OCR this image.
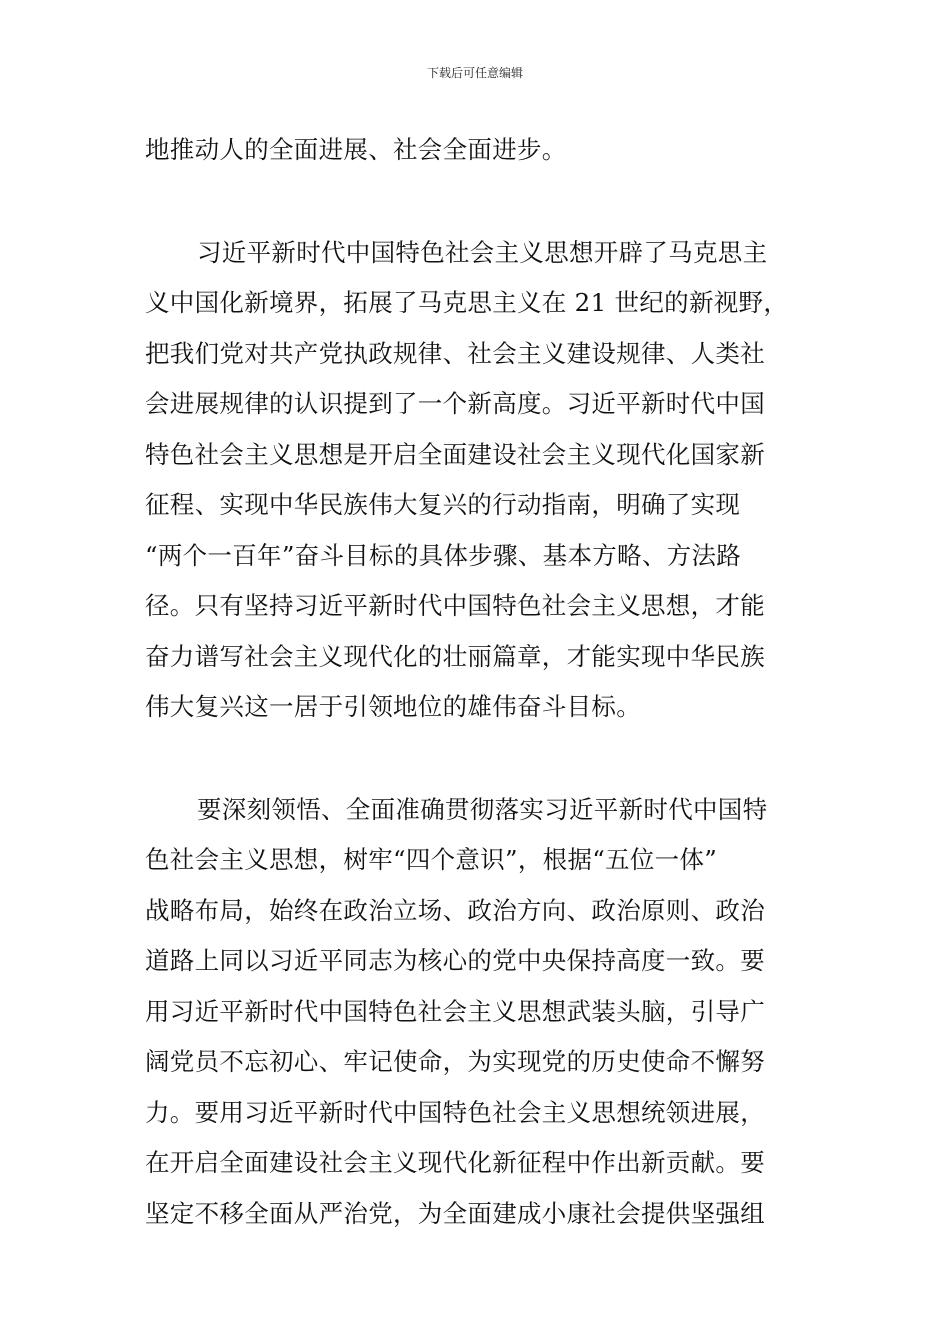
下载后可任意编辑
地推动人的全面进展、社会全面进步。
习近平新时代中国特色社会主义思想开辟了马克思主
义中国化新境界，拓展了马克思主义在 21 世纪的新视野，
把我们党对共产党执政规律、社会主义建设规律、人类社
会进展规律的认识提到了一个新高度。习近平新时代中国
特色社会主义思想是开启全面建设社会主义现代化国家新
征程、实现中华民族伟大复兴的行动指南，明确了实现
“两个一百年”奋斗目标的具体步骤、基本方略、方法路
径。只有坚持习近平新时代中国特色社会主义思想，才能
奋力谱写社会主义现代化的壮丽篇章，才能实现中华民族
伟大复兴这一居于引领地位的雄伟奋斗目标。
要深刻领悟、全面准确贯彻落实习近平新时代中国特
色社会主义思想，树牢“四个意识”，根据“五位一体”
战略布局，始终在政治立场、政治方向、政治原则、政治
道路上同以习近平同志为核心的党中央保持高度一致。要
用习近平新时代中国特色社会主义思想武装头脑，引导广
阔党员不忘初心、牢记使命，为实现党的历史使命不懈努
力。要用习近平新时代中国特色社会主义思想统领进展，
在开启全面建设社会主义现代化新征程中作出新贡献。要
坚定不移全面从严治党，为全面建成小康社会提供坚强组
